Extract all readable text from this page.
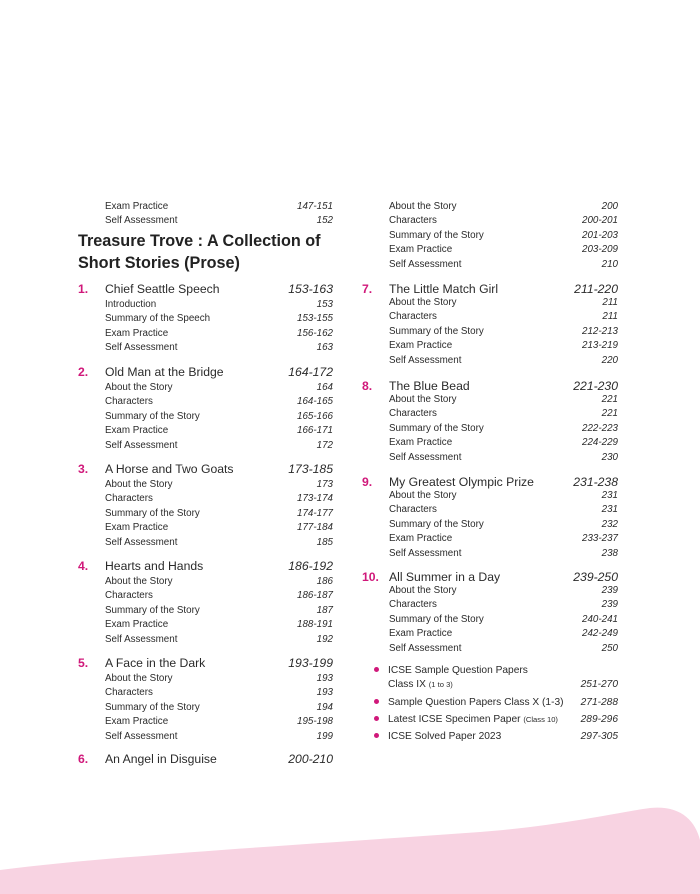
Exam Practice	147-151
Self Assessment	152
Treasure Trove : A Collection of
Short Stories (Prose)
1. Chief Seattle Speech	153-163
Introduction	153
Summary of the Speech	153-155
Exam Practice	156-162
Self Assessment	163
2. Old Man at the Bridge	164-172
About the Story	164
Characters	164-165
Summary of the Story	165-166
Exam Practice	166-171
Self Assessment	172
3. A Horse and Two Goats	173-185
About the Story	173
Characters	173-174
Summary of the Story	174-177
Exam Practice	177-184
Self Assessment	185
4. Hearts and Hands	186-192
About the Story	186
Characters	186-187
Summary of the Story	187
Exam Practice	188-191
Self Assessment	192
5. A Face in the Dark	193-199
About the Story	193
Characters	193
Summary of the Story	194
Exam Practice	195-198
Self Assessment	199
6. An Angel in Disguise	200-210
About the Story	200
Characters	200-201
Summary of the Story	201-203
Exam Practice	203-209
Self Assessment	210
7. The Little Match Girl	211-220
About the Story	211
Characters	211
Summary of the Story	212-213
Exam Practice	213-219
Self Assessment	220
8. The Blue Bead	221-230
About the Story	221
Characters	221
Summary of the Story	222-223
Exam Practice	224-229
Self Assessment	230
9. My Greatest Olympic Prize	231-238
About the Story	231
Characters	231
Summary of the Story	232
Exam Practice	233-237
Self Assessment	238
10. All Summer in a Day	239-250
About the Story	239
Characters	239
Summary of the Story	240-241
Exam Practice	242-249
Self Assessment	250
ICSE Sample Question Papers
Class IX (1 to 3)	251-270
Sample Question Papers Class X (1-3) 271-288
Latest ICSE Specimen Paper (Class 10) 289-296
ICSE Solved Paper 2023	297-305
